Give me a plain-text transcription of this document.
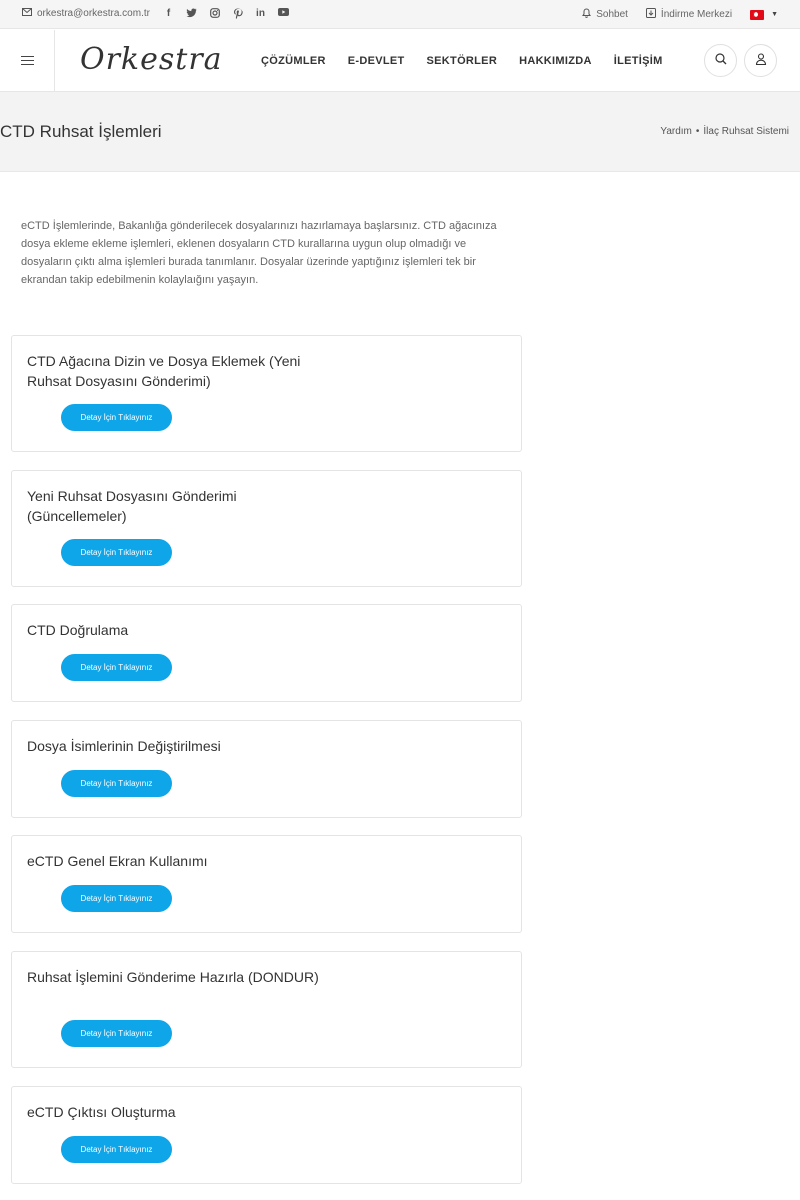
orkestra@orkestra.com.tr	f	in	Sohbet	İndirme Merkezi	▼
Orkestra	ÇÖZÜMLER E-DEVLET SEKTÖRLER HAKKIMIZDA İLETİŞİM
CTD Ruhsat İşlemleri	Yardım • İlaç Ruhsat Sistemi

eCTD İşlemlerinde, Bakanlığa gönderilecek dosyalarınızı hazırlamaya başlarsınız. CTD ağacınıza dosya ekleme ekleme işlemleri, eklenen dosyaların CTD kurallarına uygun olup olmadığı ve dosyaların çıktı alma işlemleri burada tanımlanır. Dosyalar üzerinde yaptığınız işlemleri tek bir ekrandan takip edebilmenin kolaylaığını yaşayın.

CTD Ağacına Dizin ve Dosya Eklemek (Yeni Ruhsat Dosyasını Gönderimi)
Detay İçin Tıklayınız
Yeni Ruhsat Dosyasını Gönderimi (Güncellemeler)
Detay İçin Tıklayınız
CTD Doğrulama
Detay İçin Tıklayınız
Dosya İsimlerinin Değiştirilmesi
Detay İçin Tıklayınız
eCTD Genel Ekran Kullanımı
Detay İçin Tıklayınız
Ruhsat İşlemini Gönderime Hazırla (DONDUR)
Detay İçin Tıklayınız
eCTD Çıktısı Oluşturma
Detay İçin Tıklayınız
